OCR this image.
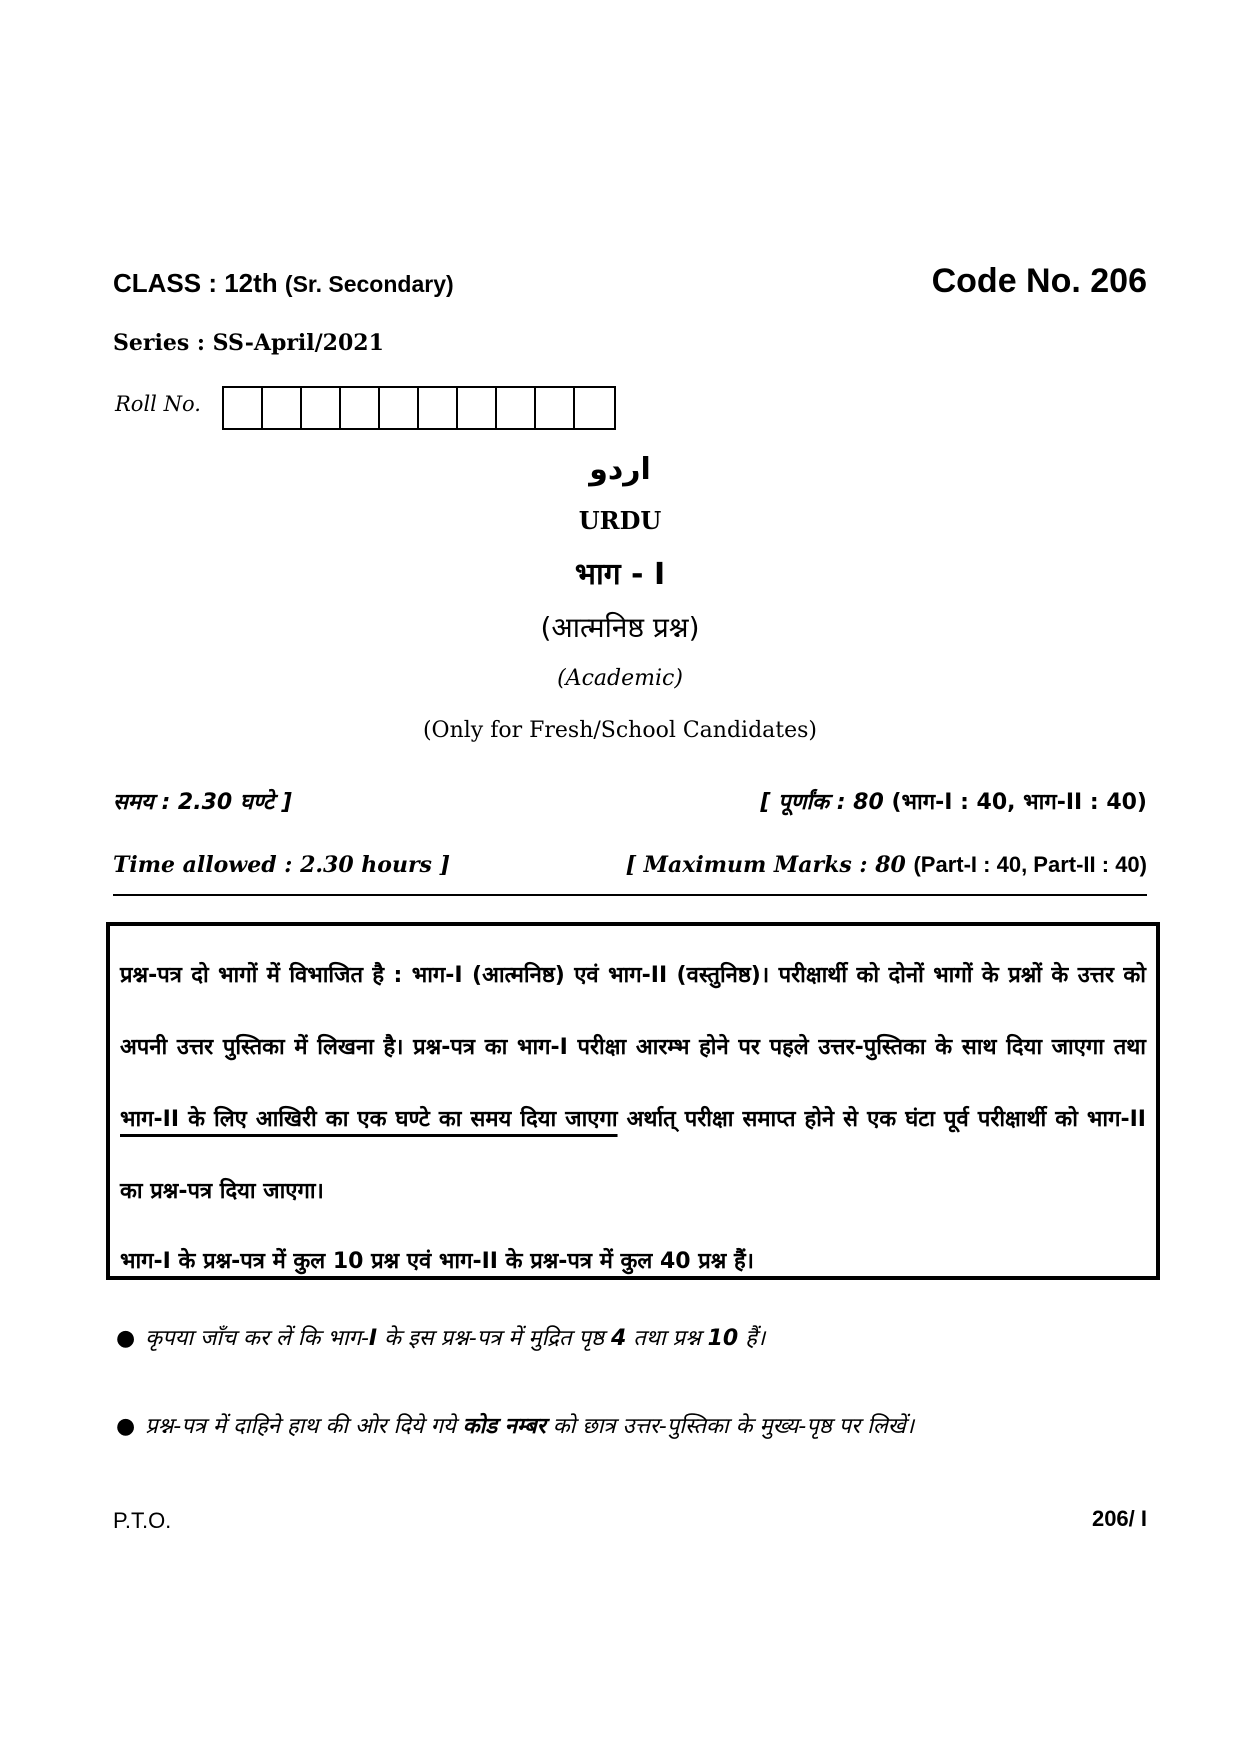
CLASS : 12th (Sr. Secondary)	Code No. 206
Series : SS-April/2021
Roll No.
اردو
URDU
भाग - I
(आत्मनिष्ठ प्रश्न)
(Academic)
(Only for Fresh/School Candidates)
समय : 2.30 घण्टे ]	[ पूर्णांक : 80 (भाग-I : 40, भाग-II : 40)
Time allowed : 2.30 hours ]	[ Maximum Marks : 80 (Part-I : 40, Part-II : 40)
प्रश्न-पत्र दो भागों में विभाजित है : भाग-I (आत्मनिष्ठ) एवं भाग-II (वस्तुनिष्ठ)। परीक्षार्थी को दोनों भागों के प्रश्नों के उत्तर को अपनी उत्तर पुस्तिका में लिखना है। प्रश्न-पत्र का भाग-I परीक्षा आरम्भ होने पर पहले उत्तर-पुस्तिका के साथ दिया जाएगा तथा भाग-II के लिए आखिरी का एक घण्टे का समय दिया जाएगा अर्थात् परीक्षा समाप्त होने से एक घंटा पूर्व परीक्षार्थी को भाग-II का प्रश्न-पत्र दिया जाएगा।
भाग-I के प्रश्न-पत्र में कुल 10 प्रश्न एवं भाग-II के प्रश्न-पत्र में कुल 40 प्रश्न हैं।
● कृपया जाँच कर लें कि भाग-I के इस प्रश्न-पत्र में मुद्रित पृष्ठ 4 तथा प्रश्न 10 हैं।
● प्रश्न-पत्र में दाहिने हाथ की ओर दिये गये कोड नम्बर को छात्र उत्तर-पुस्तिका के मुख्य-पृष्ठ पर लिखें।
P.T.O.	206/ I
